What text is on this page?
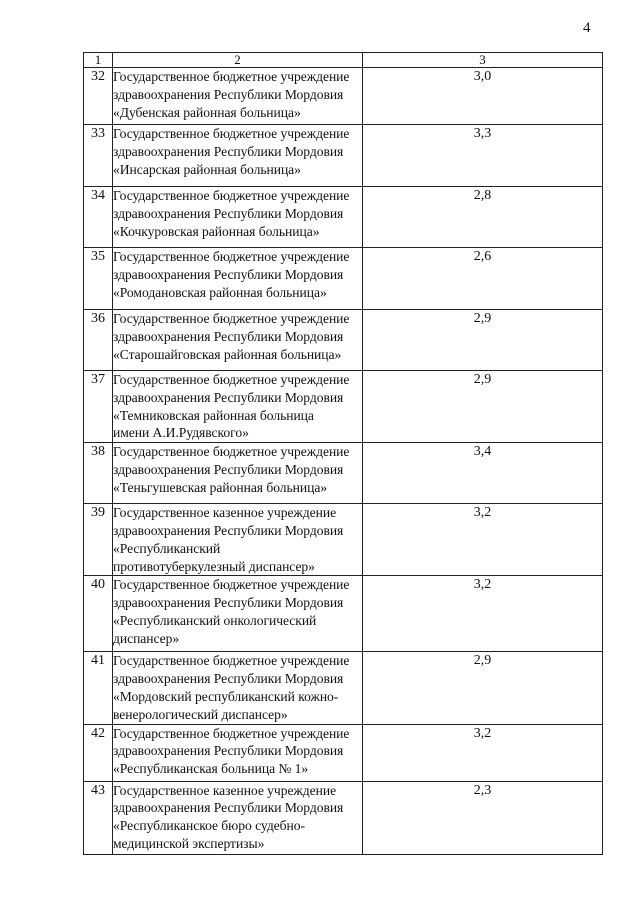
4
1	2	3
32	Государственное бюджетное учреждение
здравоохранения Республики Мордовия
«Дубенская районная больница»	3,0
33	Государственное бюджетное учреждение
здравоохранения Республики Мордовия
«Инсарская районная больница»	3,3
34	Государственное бюджетное учреждение
здравоохранения Республики Мордовия
«Кочкуровская районная больница»	2,8
35	Государственное бюджетное учреждение
здравоохранения Республики Мордовия
«Ромодановская районная больница»	2,6
36	Государственное бюджетное учреждение
здравоохранения Республики Мордовия
«Старошайговская районная больница»	2,9
37	Государственное бюджетное учреждение
здравоохранения Республики Мордовия
«Темниковская районная больница
имени А.И.Рудявского»	2,9
38	Государственное бюджетное учреждение
здравоохранения Республики Мордовия
«Теньгушевская районная больница»	3,4
39	Государственное казенное учреждение
здравоохранения Республики Мордовия
«Республиканский
противотуберкулезный диспансер»	3,2
40	Государственное бюджетное учреждение
здравоохранения Республики Мордовия
«Республиканский онкологический
диспансер»	3,2
41	Государственное бюджетное учреждение
здравоохранения Республики Мордовия
«Мордовский республиканский кожно-
венерологический диспансер»	2,9
42	Государственное бюджетное учреждение
здравоохранения Республики Мордовия
«Республиканская больница № 1»	3,2
43	Государственное казенное учреждение
здравоохранения Республики Мордовия
«Республиканское бюро судебно-
медицинской экспертизы»	2,3
